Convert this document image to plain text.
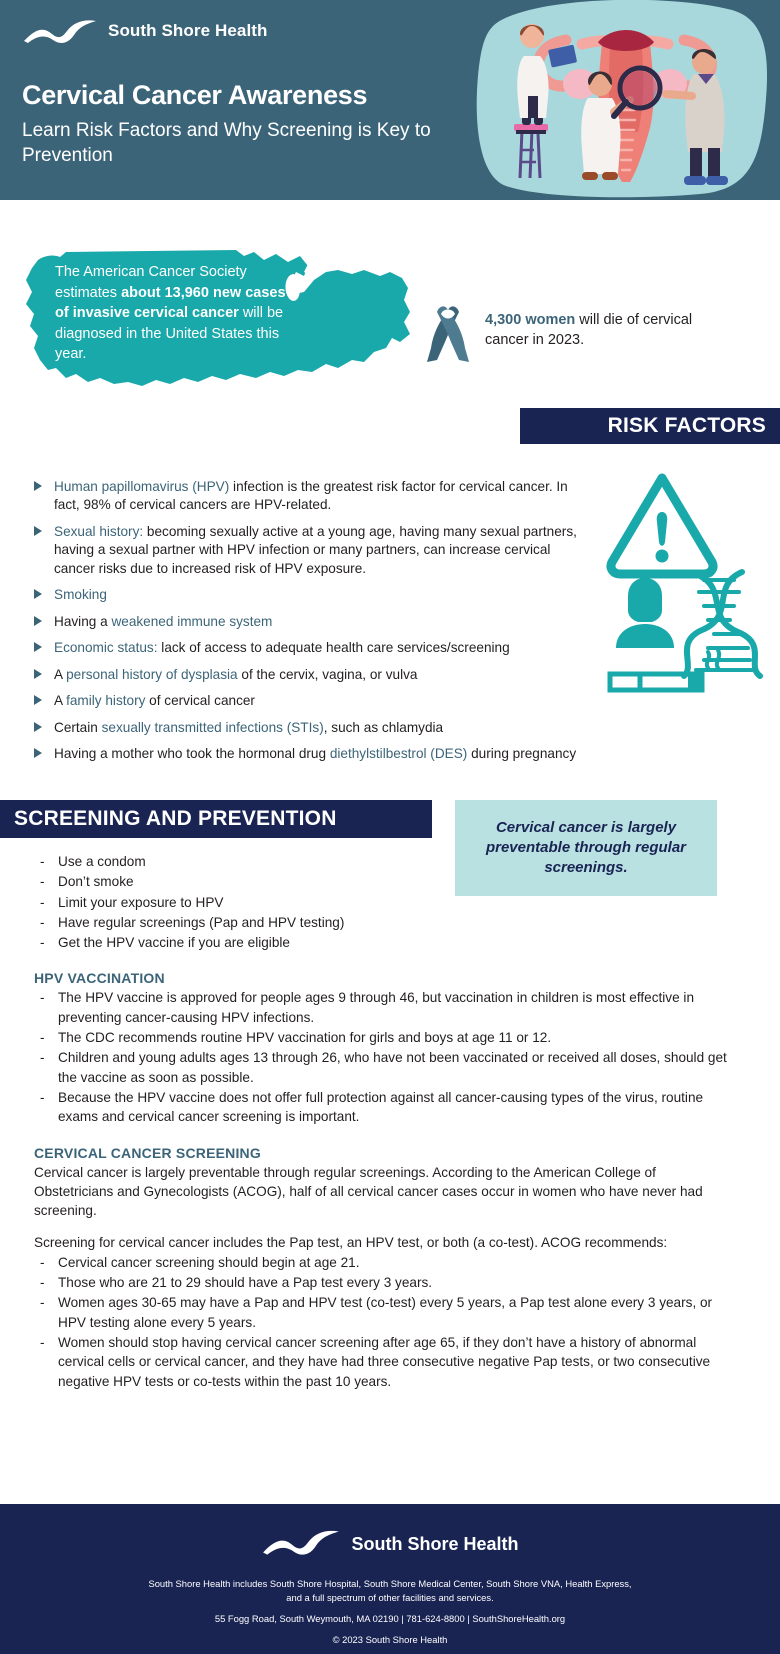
South Shore Health
Cervical Cancer Awareness
Learn Risk Factors and Why Screening is Key to Prevention
The American Cancer Society estimates about 13,960 new cases of invasive cervical cancer will be diagnosed in the United States this year.
4,300 women will die of cervical cancer in 2023.
RISK FACTORS
Human papillomavirus (HPV) infection is the greatest risk factor for cervical cancer. In fact, 98% of cervical cancers are HPV-related.
Sexual history: becoming sexually active at a young age, having many sexual partners, having a sexual partner with HPV infection or many partners, can increase cervical cancer risks due to increased risk of HPV exposure.
Smoking
Having a weakened immune system
Economic status: lack of access to adequate health care services/screening
A personal history of dysplasia of the cervix, vagina, or vulva
A family history of cervical cancer
Certain sexually transmitted infections (STIs), such as chlamydia
Having a mother who took the hormonal drug diethylstilbestrol (DES) during pregnancy
SCREENING AND PREVENTION	Cervical cancer is largely preventable through regular screenings.
- Use a condom
- Don’t smoke
- Limit your exposure to HPV
- Have regular screenings (Pap and HPV testing)
- Get the HPV vaccine if you are eligible
HPV VACCINATION
- The HPV vaccine is approved for people ages 9 through 46, but vaccination in children is most effective in preventing cancer-causing HPV infections.
- The CDC recommends routine HPV vaccination for girls and boys at age 11 or 12.
- Children and young adults ages 13 through 26, who have not been vaccinated or received all doses, should get the vaccine as soon as possible.
- Because the HPV vaccine does not offer full protection against all cancer-causing types of the virus, routine exams and cervical cancer screening is important.
CERVICAL CANCER SCREENING

Cervical cancer is largely preventable through regular screenings. According to the American College of Obstetricians and Gynecologists (ACOG), half of all cervical cancer cases occur in women who have never had screening.

Screening for cervical cancer includes the Pap test, an HPV test, or both (a co-test). ACOG recommends:

- Cervical cancer screening should begin at age 21.
- Those who are 21 to 29 should have a Pap test every 3 years.
- Women ages 30-65 may have a Pap and HPV test (co-test) every 5 years, a Pap test alone every 3 years, or HPV testing alone every 5 years.
- Women should stop having cervical cancer screening after age 65, if they don’t have a history of abnormal cervical cells or cervical cancer, and they have had three consecutive negative Pap tests, or two consecutive negative HPV tests or co-tests within the past 10 years.
South Shore Health
South Shore Health includes South Shore Hospital, South Shore Medical Center, South Shore VNA, Health Express,
and a full spectrum of other facilities and services.
55 Fogg Road, South Weymouth, MA 02190 | 781-624-8800 | SouthShoreHealth.org
© 2023 South Shore Health
